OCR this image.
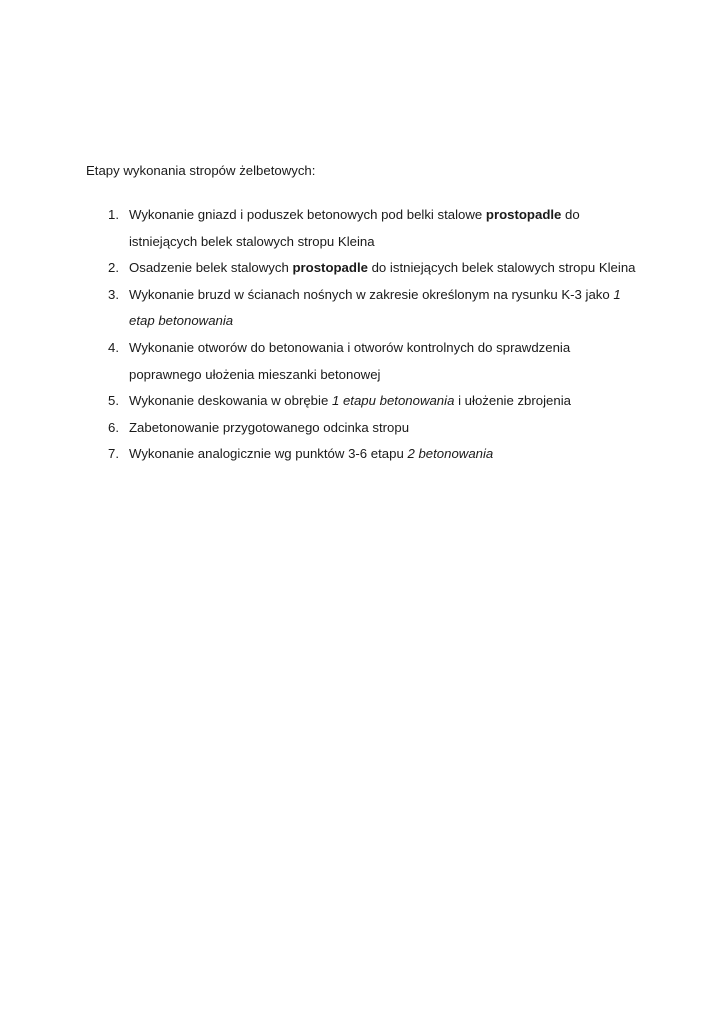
Etapy wykonania stropów żelbetowych:
1. Wykonanie gniazd i poduszek betonowych pod belki stalowe prostopadle do
istniejących belek stalowych stropu Kleina
2. Osadzenie belek stalowych prostopadle do istniejących belek stalowych stropu Kleina
3. Wykonanie bruzd w ścianach nośnych w zakresie określonym na rysunku K-3 jako 1
etap betonowania
4. Wykonanie otworów do betonowania i otworów kontrolnych do sprawdzenia
poprawnego ułożenia mieszanki betonowej
5. Wykonanie deskowania w obrębie 1 etapu betonowania i ułożenie zbrojenia
6. Zabetonowanie przygotowanego odcinka stropu
7. Wykonanie analogicznie wg punktów 3-6 etapu 2 betonowania
